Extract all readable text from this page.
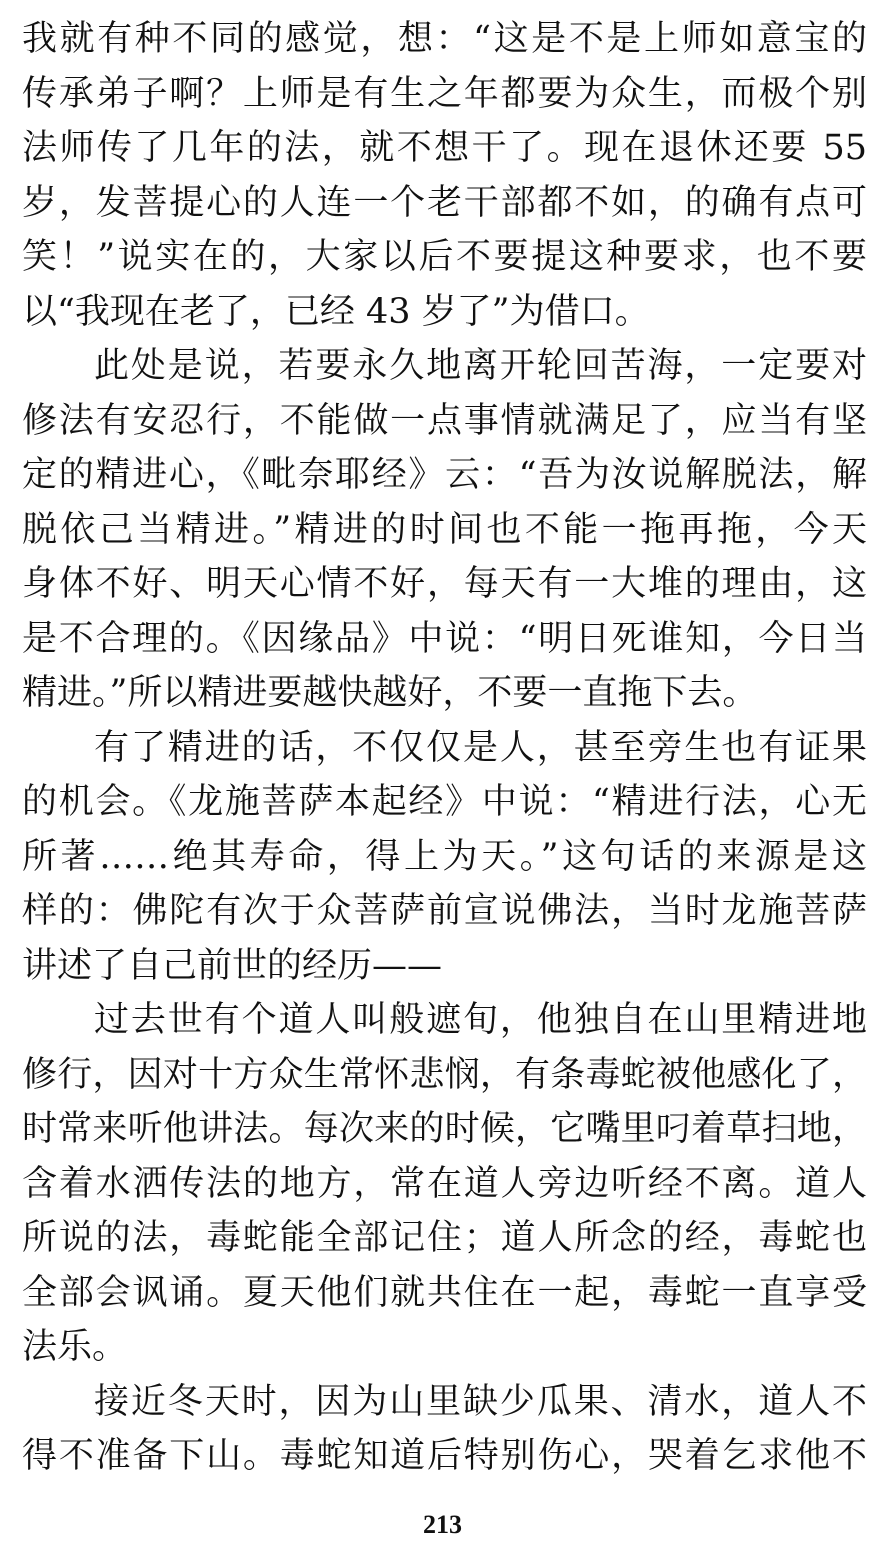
我就有种不同的感觉，想：“这是不是上师如意宝的
传承弟子啊？上师是有生之年都要为众生，而极个别
法师传了几年的法，就不想干了。现在退休还要 55
岁，发菩提心的人连一个老干部都不如，的确有点可
笑！”说实在的，大家以后不要提这种要求，也不要
以“我现在老了，已经 43 岁了”为借口。
此处是说，若要永久地离开轮回苦海，一定要对
修法有安忍行，不能做一点事情就满足了，应当有坚
定的精进心，《毗奈耶经》云：“吾为汝说解脱法，解
脱依己当精进。”精进的时间也不能一拖再拖，今天
身体不好、明天心情不好，每天有一大堆的理由，这
是不合理的。《因缘品》中说：“明日死谁知，今日当
精进。”所以精进要越快越好，不要一直拖下去。
有了精进的话，不仅仅是人，甚至旁生也有证果
的机会。《龙施菩萨本起经》中说：“精进行法，心无
所著……绝其寿命，得上为天。”这句话的来源是这
样的：佛陀有次于众菩萨前宣说佛法，当时龙施菩萨
讲述了自己前世的经历——
过去世有个道人叫般遮旬，他独自在山里精进地
修行，因对十方众生常怀悲悯，有条毒蛇被他感化了，
时常来听他讲法。每次来的时候，它嘴里叼着草扫地，
含着水洒传法的地方，常在道人旁边听经不离。道人
所说的法，毒蛇能全部记住；道人所念的经，毒蛇也
全部会讽诵。夏天他们就共住在一起，毒蛇一直享受
法乐。
接近冬天时，因为山里缺少瓜果、清水，道人不
得不准备下山。毒蛇知道后特别伤心，哭着乞求他不
213
